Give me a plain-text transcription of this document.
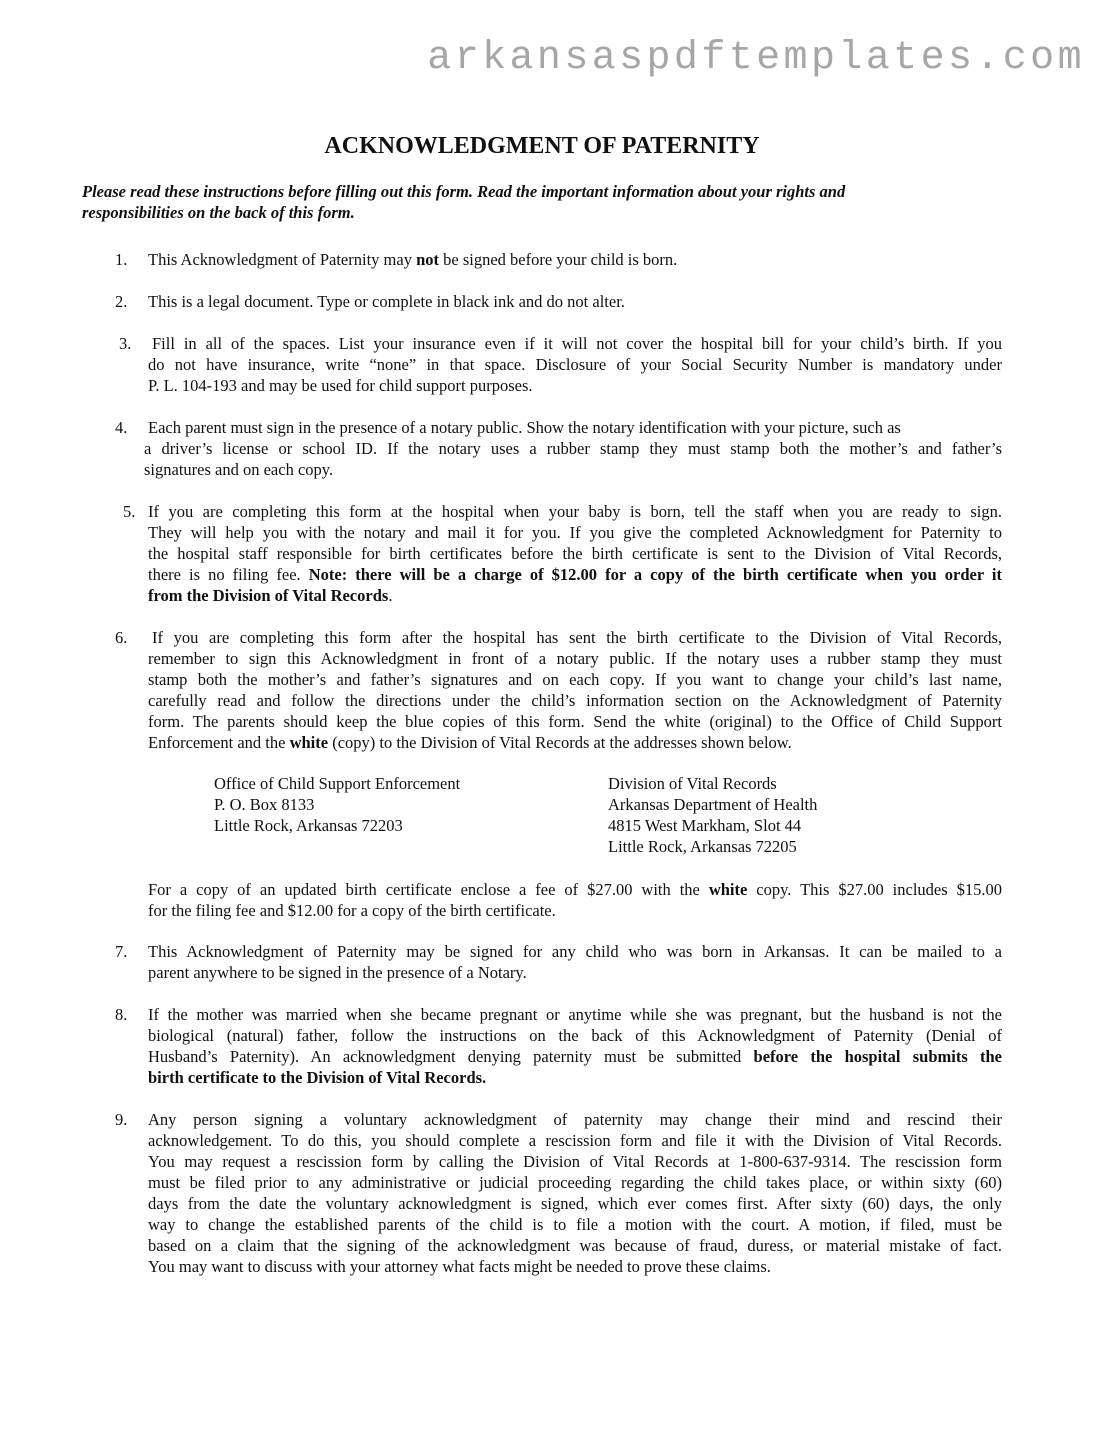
arkansaspdftemplates.com
ACKNOWLEDGMENT OF PATERNITY
Please read these instructions before filling out this form. Read the important information about your rights and
responsibilities on the back of this form.
1. This Acknowledgment of Paternity may not be signed before your child is born.
2. This is a legal document. Type or complete in black ink and do not alter.
3. Fill in all of the spaces. List your insurance even if it will not cover the hospital bill for your child’s birth. If you
do not have insurance, write “none” in that space. Disclosure of your Social Security Number is mandatory under
P. L. 104-193 and may be used for child support purposes.
4. Each parent must sign in the presence of a notary public. Show the notary identification with your picture, such as
a driver’s license or school ID. If the notary uses a rubber stamp they must stamp both the mother’s and father’s
signatures and on each copy.
5. If you are completing this form at the hospital when your baby is born, tell the staff when you are ready to sign.
They will help you with the notary and mail it for you. If you give the completed Acknowledgment for Paternity to
the hospital staff responsible for birth certificates before the birth certificate is sent to the Division of Vital Records,
there is no filing fee. Note: there will be a charge of $12.00 for a copy of the birth certificate when you order it
from the Division of Vital Records.
6. If you are completing this form after the hospital has sent the birth certificate to the Division of Vital Records,
remember to sign this Acknowledgment in front of a notary public. If the notary uses a rubber stamp they must
stamp both the mother’s and father’s signatures and on each copy. If you want to change your child’s last name,
carefully read and follow the directions under the child’s information section on the Acknowledgment of Paternity
form. The parents should keep the blue copies of this form. Send the white (original) to the Office of Child Support
Enforcement and the white (copy) to the Division of Vital Records at the addresses shown below.
Office of Child Support Enforcement
P. O. Box 8133
Little Rock, Arkansas 72203
Division of Vital Records
Arkansas Department of Health
4815 West Markham, Slot 44
Little Rock, Arkansas 72205
For a copy of an updated birth certificate enclose a fee of $27.00 with the white copy. This $27.00 includes $15.00
for the filing fee and $12.00 for a copy of the birth certificate.
7. This Acknowledgment of Paternity may be signed for any child who was born in Arkansas. It can be mailed to a
parent anywhere to be signed in the presence of a Notary.
8. If the mother was married when she became pregnant or anytime while she was pregnant, but the husband is not the
biological (natural) father, follow the instructions on the back of this Acknowledgment of Paternity (Denial of
Husband’s Paternity). An acknowledgment denying paternity must be submitted before the hospital submits the
birth certificate to the Division of Vital Records.
9. Any person signing a voluntary acknowledgment of paternity may change their mind and rescind their
acknowledgement. To do this, you should complete a rescission form and file it with the Division of Vital Records.
You may request a rescission form by calling the Division of Vital Records at 1-800-637-9314. The rescission form
must be filed prior to any administrative or judicial proceeding regarding the child takes place, or within sixty (60)
days from the date the voluntary acknowledgment is signed, which ever comes first. After sixty (60) days, the only
way to change the established parents of the child is to file a motion with the court. A motion, if filed, must be
based on a claim that the signing of the acknowledgment was because of fraud, duress, or material mistake of fact.
You may want to discuss with your attorney what facts might be needed to prove these claims.
